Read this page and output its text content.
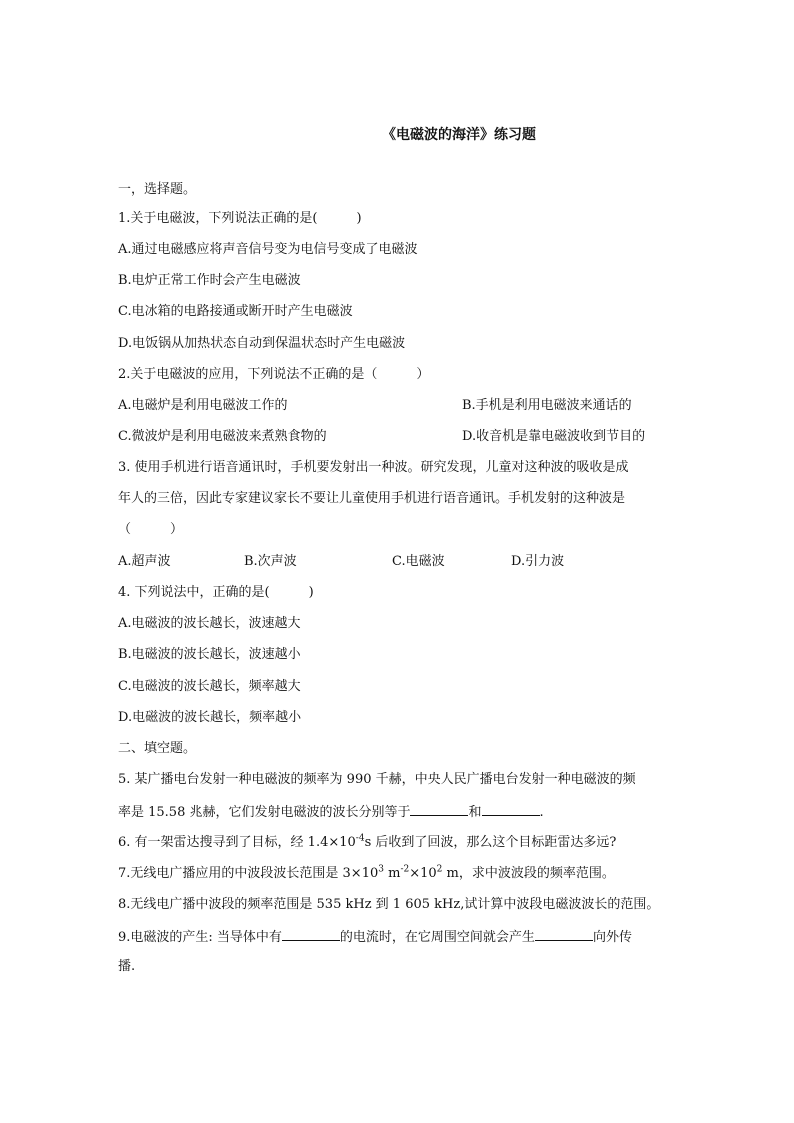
《电磁波的海洋》练习题
一，选择题。
1.关于电磁波，下列说法正确的是(　　　)
A.通过电磁感应将声音信号变为电信号变成了电磁波
B.电炉正常工作时会产生电磁波
C.电冰箱的电路接通或断开时产生电磁波
D.电饭锅从加热状态自动到保温状态时产生电磁波
2.关于电磁波的应用，下列说法不正确的是（　　　）
A.电磁炉是利用电磁波工作的	B.手机是利用电磁波来通话的
C.微波炉是利用电磁波来煮熟食物的	D.收音机是靠电磁波收到节目的
3. 使用手机进行语音通讯时，手机要发射出一种波。研究发现，儿童对这种波的吸收是成
年人的三倍，因此专家建议家长不要让儿童使用手机进行语音通讯。手机发射的这种波是
（　　　）
A.超声波	B.次声波	C.电磁波	D.引力波
4. 下列说法中，正确的是(　　　)
A.电磁波的波长越长，波速越大
B.电磁波的波长越长，波速越小
C.电磁波的波长越长，频率越大
D.电磁波的波长越长，频率越小
二、填空题。
5. 某广播电台发射一种电磁波的频率为 990 千赫，中央人民广播电台发射一种电磁波的频
率是 15.58 兆赫，它们发射电磁波的波长分别等于	和	.
6. 有一架雷达搜寻到了目标，经 $1.4\times 10^{-4}s$ 后收到了回波，那么这个目标距雷达多远?
7.无线电广播应用的中波段波长范围是 $3\times 10^3$ $m^{-2}\times 10^2$ m，求中波波段的频率范围。
8.无线电广播中波段的频率范围是 535 kHz 到 1 605 kHz,试计算中波段电磁波波长的范围。
9.电磁波的产生: 当导体中有	的电流时，在它周围空间就会产生	向外传
播.
